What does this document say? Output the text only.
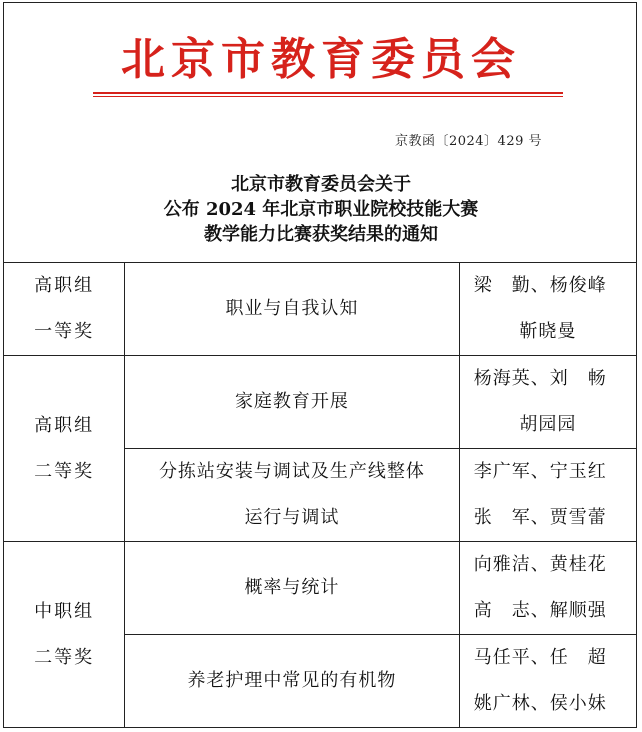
北京市教育委员会
京教函〔2024〕429 号
北京市教育委员会关于
公布 2024 年北京市职业院校技能大赛
教学能力比赛获奖结果的通知
高职组
一等奖	职业与自我认知	梁　勤、杨俊峰
靳晓曼

高职组
二等奖	家庭教育开展	杨海英、刘　畅
胡园园

	分拣站安装与调试及生产线整体
运行与调试	李广军、宁玉红
张　军、贾雪蕾

中职组
二等奖	概率与统计	向雅洁、黄桂花
高　志、解顺强

	养老护理中常见的有机物	马任平、任　超
姚广林、侯小妹
